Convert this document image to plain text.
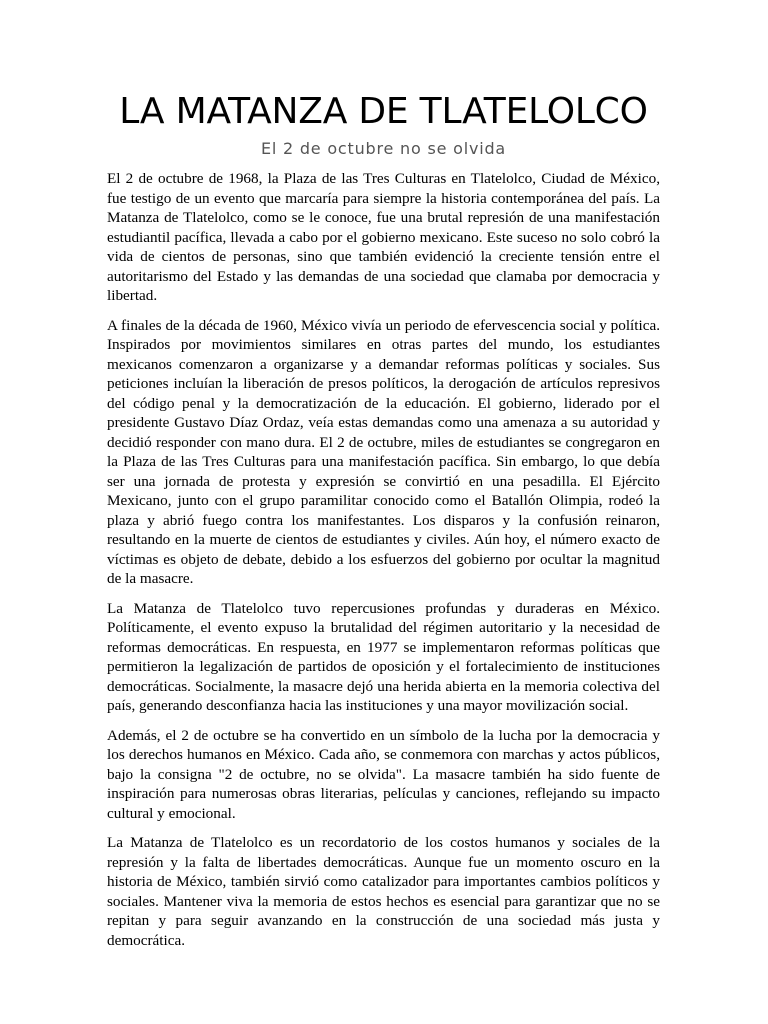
LA MATANZA DE TLATELOLCO
El 2 de octubre no se olvida

El 2 de octubre de 1968, la Plaza de las Tres Culturas en Tlatelolco, Ciudad de México, fue testigo de un evento que marcaría para siempre la historia contemporánea del país. La Matanza de Tlatelolco, como se le conoce, fue una brutal represión de una manifestación estudiantil pacífica, llevada a cabo por el gobierno mexicano. Este suceso no solo cobró la vida de cientos de personas, sino que también evidenció la creciente tensión entre el autoritarismo del Estado y las demandas de una sociedad que clamaba por democracia y libertad.

A finales de la década de 1960, México vivía un periodo de efervescencia social y política. Inspirados por movimientos similares en otras partes del mundo, los estudiantes mexicanos comenzaron a organizarse y a demandar reformas políticas y sociales. Sus peticiones incluían la liberación de presos políticos, la derogación de artículos represivos del código penal y la democratización de la educación. El gobierno, liderado por el presidente Gustavo Díaz Ordaz, veía estas demandas como una amenaza a su autoridad y decidió responder con mano dura. El 2 de octubre, miles de estudiantes se congregaron en la Plaza de las Tres Culturas para una manifestación pacífica. Sin embargo, lo que debía ser una jornada de protesta y expresión se convirtió en una pesadilla. El Ejército Mexicano, junto con el grupo paramilitar conocido como el Batallón Olimpia, rodeó la plaza y abrió fuego contra los manifestantes. Los disparos y la confusión reinaron, resultando en la muerte de cientos de estudiantes y civiles. Aún hoy, el número exacto de víctimas es objeto de debate, debido a los esfuerzos del gobierno por ocultar la magnitud de la masacre.

La Matanza de Tlatelolco tuvo repercusiones profundas y duraderas en México. Políticamente, el evento expuso la brutalidad del régimen autoritario y la necesidad de reformas democráticas. En respuesta, en 1977 se implementaron reformas políticas que permitieron la legalización de partidos de oposición y el fortalecimiento de instituciones democráticas. Socialmente, la masacre dejó una herida abierta en la memoria colectiva del país, generando desconfianza hacia las instituciones y una mayor movilización social.

Además, el 2 de octubre se ha convertido en un símbolo de la lucha por la democracia y los derechos humanos en México. Cada año, se conmemora con marchas y actos públicos, bajo la consigna "2 de octubre, no se olvida". La masacre también ha sido fuente de inspiración para numerosas obras literarias, películas y canciones, reflejando su impacto cultural y emocional.

La Matanza de Tlatelolco es un recordatorio de los costos humanos y sociales de la represión y la falta de libertades democráticas. Aunque fue un momento oscuro en la historia de México, también sirvió como catalizador para importantes cambios políticos y sociales. Mantener viva la memoria de estos hechos es esencial para garantizar que no se repitan y para seguir avanzando en la construcción de una sociedad más justa y democrática.
